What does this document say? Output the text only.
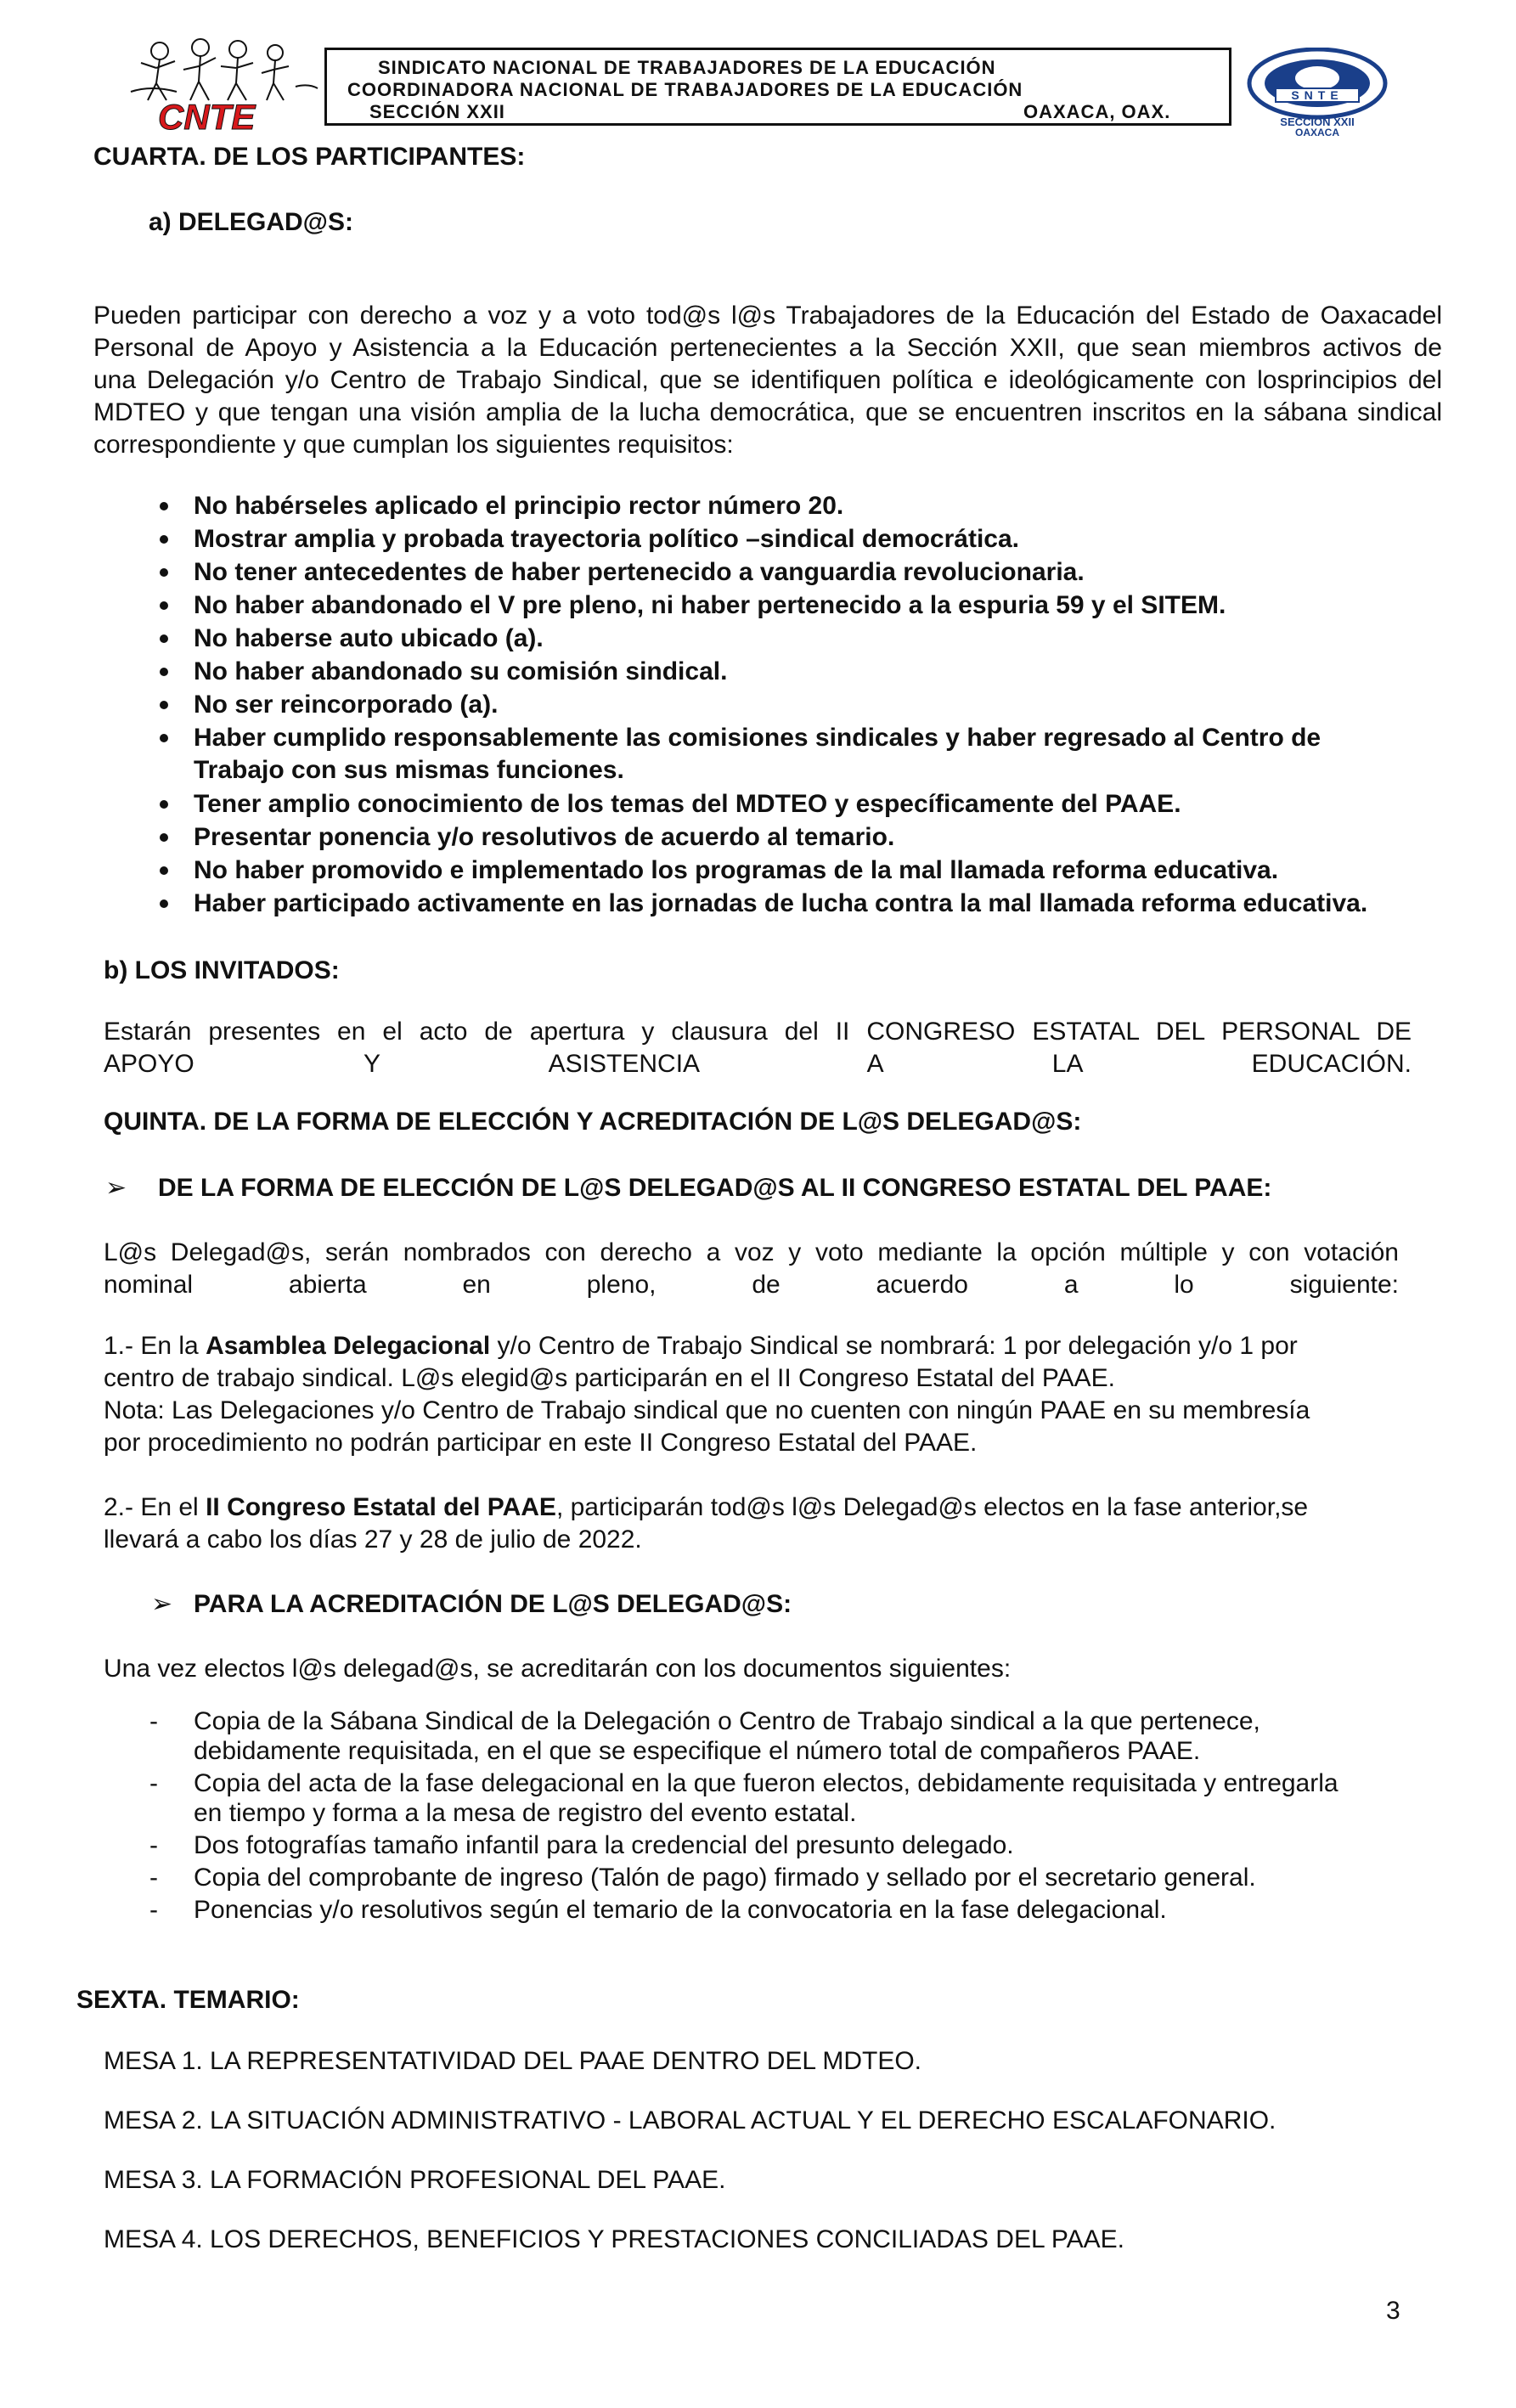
CNTE
SINDICATO NACIONAL DE TRABAJADORES DE LA EDUCACIÓN
COORDINADORA NACIONAL DE TRABAJADORES DE LA EDUCACIÓN
SECCIÓN XXII	OAXACA, OAX.
SNTE
SECCION XXII
OAXACA
CUARTA. DE LOS PARTICIPANTES:
a) DELEGAD@S:
Pueden participar con derecho a voz y a voto tod@s l@s Trabajadores de la Educación del Estado de Oaxacadel
Personal de Apoyo y Asistencia a la Educación pertenecientes a la Sección XXII, que sean miembros activos de
una Delegación y/o Centro de Trabajo Sindical, que se identifiquen política e ideológicamente con losprincipios del
MDTEO y que tengan una visión amplia de la lucha democrática, que se encuentren inscritos en la sábana sindical
correspondiente y que cumplan los siguientes requisitos:
No habérseles aplicado el principio rector número 20.
Mostrar amplia y probada trayectoria político –sindical democrática.
No tener antecedentes de haber pertenecido a vanguardia revolucionaria.
No haber abandonado el V pre pleno, ni haber pertenecido a la espuria 59 y el SITEM.
No haberse auto ubicado (a).
No haber abandonado su comisión sindical.
No ser reincorporado (a).
Haber cumplido responsablemente las comisiones sindicales y haber regresado al Centro de
Trabajo con sus mismas funciones.
Tener amplio conocimiento de los temas del MDTEO y específicamente del PAAE.
Presentar ponencia y/o resolutivos de acuerdo al temario.
No haber promovido e implementado los programas de la mal llamada reforma educativa.
Haber participado activamente en las jornadas de lucha contra la mal llamada reforma educativa.
b) LOS INVITADOS:
Estarán presentes en el acto de apertura y clausura del II CONGRESO ESTATAL DEL PERSONAL DE
APOYO Y ASISTENCIA A LA EDUCACIÓN.
QUINTA. DE LA FORMA DE ELECCIÓN Y ACREDITACIÓN DE L@S DELEGAD@S:
➢ DE LA FORMA DE ELECCIÓN DE L@S DELEGAD@S AL II CONGRESO ESTATAL DEL PAAE:
L@s Delegad@s, serán nombrados con derecho a voz y voto mediante la opción múltiple y con votación
nominal abierta en pleno, de acuerdo a lo siguiente:
1.- En la Asamblea Delegacional y/o Centro de Trabajo Sindical se nombrará: 1 por delegación y/o 1 por
centro de trabajo sindical. L@s elegid@s participarán en el II Congreso Estatal del PAAE.
Nota: Las Delegaciones y/o Centro de Trabajo sindical que no cuenten con ningún PAAE en su membresía
por procedimiento no podrán participar en este II Congreso Estatal del PAAE.
2.- En el II Congreso Estatal del PAAE, participarán tod@s l@s Delegad@s electos en la fase anterior,se
llevará a cabo los días 27 y 28 de julio de 2022.
➢ PARA LA ACREDITACIÓN DE L@S DELEGAD@S:
Una vez electos l@s delegad@s, se acreditarán con los documentos siguientes:
- Copia de la Sábana Sindical de la Delegación o Centro de Trabajo sindical a la que pertenece,
debidamente requisitada, en el que se especifique el número total de compañeros PAAE.
- Copia del acta de la fase delegacional en la que fueron electos, debidamente requisitada y entregarla
en tiempo y forma a la mesa de registro del evento estatal.
- Dos fotografías tamaño infantil para la credencial del presunto delegado.
- Copia del comprobante de ingreso (Talón de pago) firmado y sellado por el secretario general.
- Ponencias y/o resolutivos según el temario de la convocatoria en la fase delegacional.
SEXTA. TEMARIO:
MESA 1. LA REPRESENTATIVIDAD DEL PAAE DENTRO DEL MDTEO.
MESA 2. LA SITUACIÓN ADMINISTRATIVO - LABORAL ACTUAL Y EL DERECHO ESCALAFONARIO.
MESA 3. LA FORMACIÓN PROFESIONAL DEL PAAE.
MESA 4. LOS DERECHOS, BENEFICIOS Y PRESTACIONES CONCILIADAS DEL PAAE.
3
